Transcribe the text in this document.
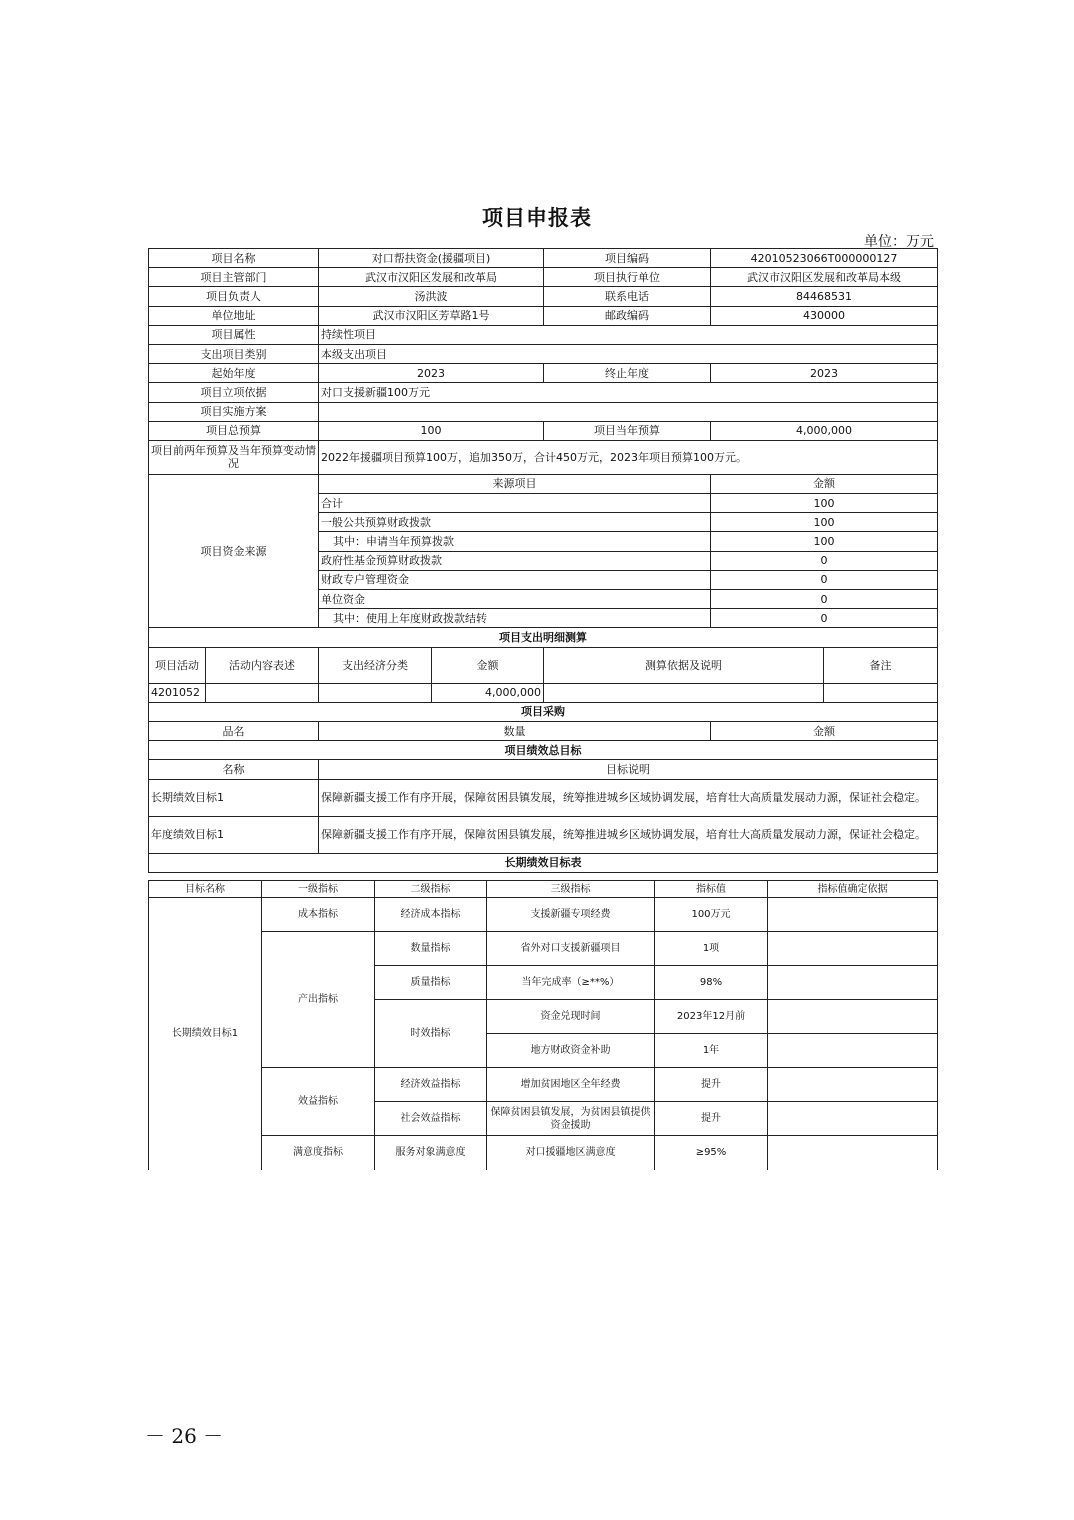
项目申报表
单位：万元
项目名称		对口帮扶资金(援疆项目)		项目编码	42010523066T000000127	
项目主管部门		武汉市汉阳区发展和改革局		项目执行单位	武汉市汉阳区发展和改革局本级	
项目负责人		汤洪波		联系电话	84468531	
单位地址		武汉市汉阳区芳草路1号		邮政编码	430000	
项目属性		持续性项目				
支出项目类别		本级支出项目				
起始年度		2023		终止年度	2023	
项目立项依据		对口支援新疆100万元				
项目实施方案						
项目总预算		100		项目当年预算	4,000,000	
项目前两年预算及当年预算变动情况		2022年援疆项目预算100万，追加350万，合计450万元，2023年项目预算100万元。				
项目资金来源		来源项目			金额	
		合计			100	
		一般公共预算财政拨款			100	
		其中：申请当年预算拨款			100	
		政府性基金预算财政拨款			0	
		财政专户管理资金			0	
		单位资金			0	
		其中：使用上年度财政拨款结转			0	
项目支出明细测算						
项目活动	活动内容表述	支出经济分类	金额	测算依据及说明		备注
4201052			4,000,000			
项目采购						
品名		数量			金额	
项目绩效总目标						
名称		目标说明				
长期绩效目标1		保障新疆支援工作有序开展，保障贫困县镇发展，统筹推进城乡区域协调发展，培育壮大高质量发展动力源，保证社会稳定。				
年度绩效目标1		保障新疆支援工作有序开展，保障贫困县镇发展，统筹推进城乡区域协调发展，培育壮大高质量发展动力源，保证社会稳定。				
长期绩效目标表						
目标名称	一级指标	二级指标	三级指标	指标值	指标值确定依据
长期绩效目标1	成本指标	经济成本指标	支援新疆专项经费	100万元	
	产出指标	数量指标	省外对口支援新疆项目	1项	
		质量指标	当年完成率（≥**%）	98%	
		时效指标	资金兑现时间	2023年12月前	
			地方财政资金补助	1年	
	效益指标	经济效益指标	增加贫困地区全年经费	提升	
		社会效益指标	保障贫困县镇发展，为贫困县镇提供资金援助	提升	
	满意度指标	服务对象满意度	对口援疆地区满意度	≥95%	
－ 26 －
